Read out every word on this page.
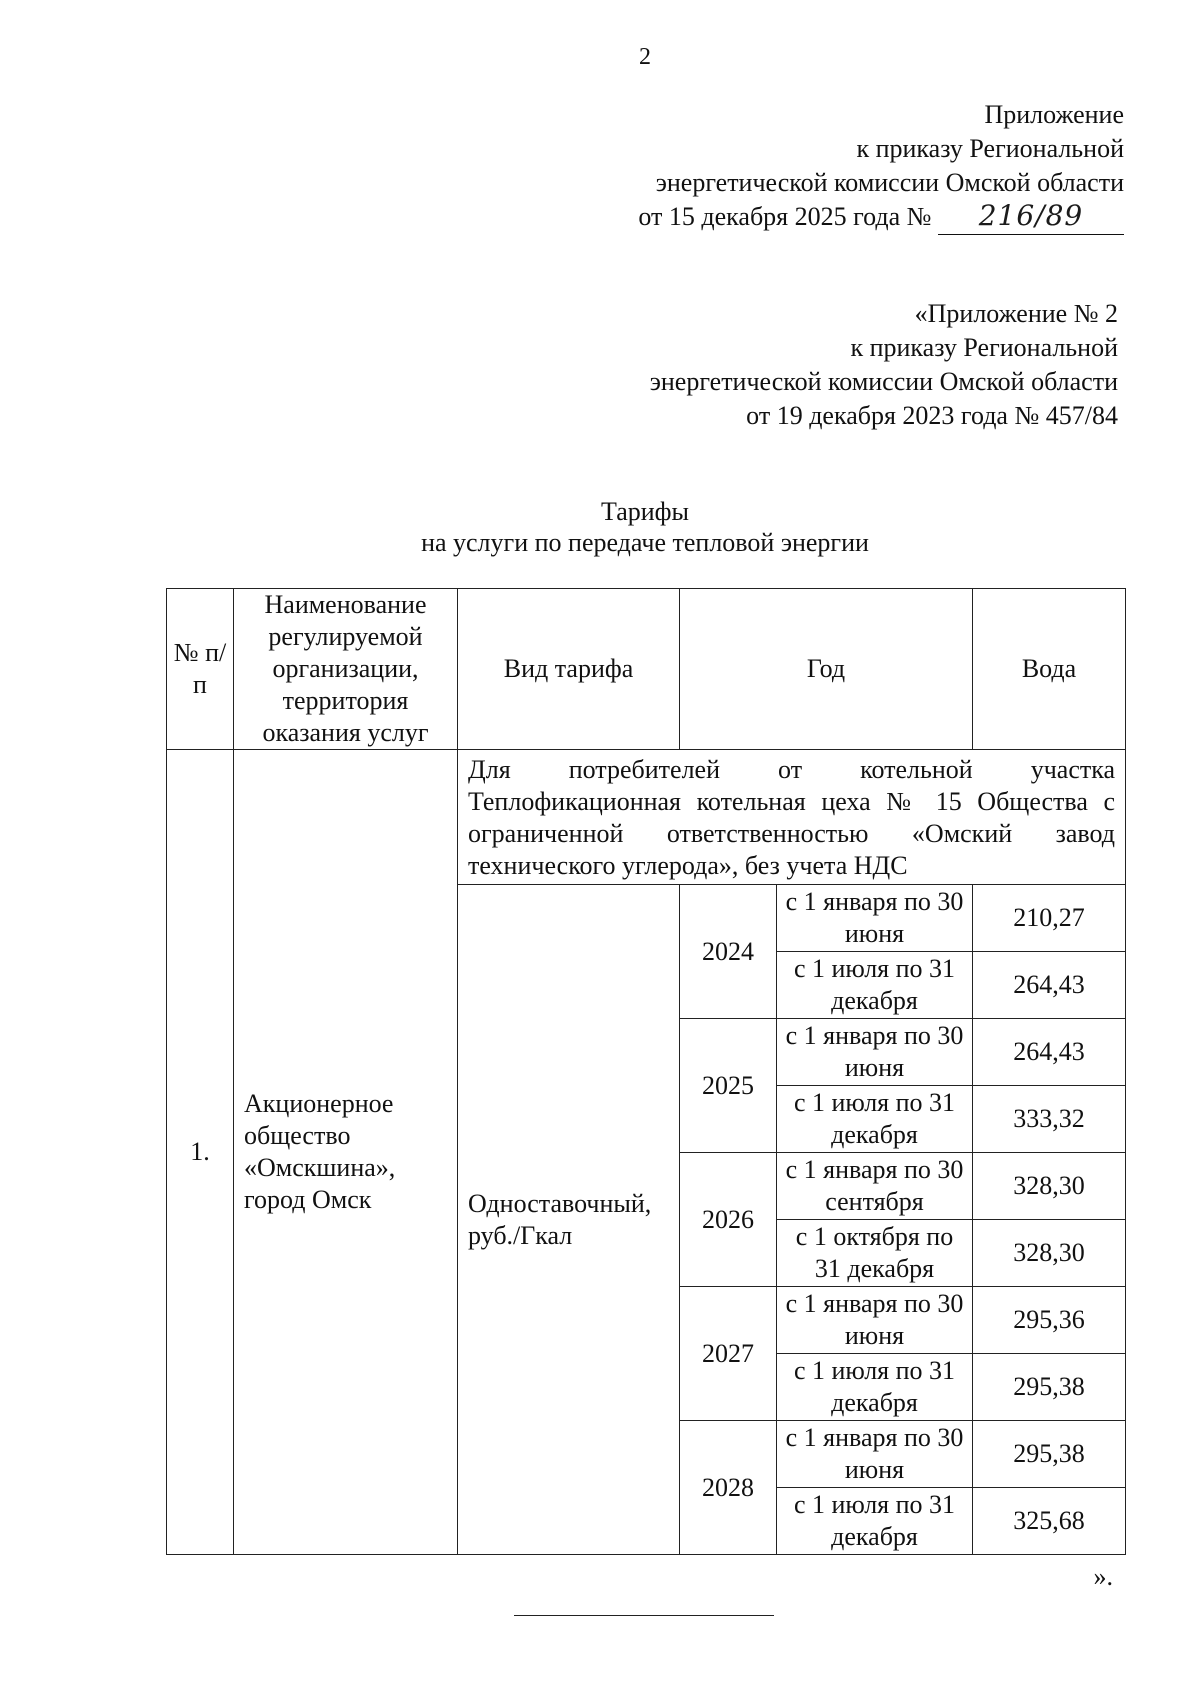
2
Приложение
к приказу Региональной
энергетической комиссии Омской области
от 15 декабря 2025 года № 216/89
«Приложение № 2
к приказу Региональной
энергетической комиссии Омской области
от 19 декабря 2023 года № 457/84
Тарифы
на услуги по передаче тепловой энергии
№ п/п	Наименование регулируемой организации, территория оказания услуг	Вид тарифа	Год		Вода
1.	Акционерное общество «Омскшина», город Омск	Для потребителей от котельной участка Теплофикационная котельная цеха № 15 Общества с ограниченной ответственностью «Омский завод технического углерода», без учета НДС			
		Одноставочный, руб./Гкал	2024	с 1 января по 30 июня	210,27
				с 1 июля по 31 декабря	264,43
			2025	с 1 января по 30 июня	264,43
				с 1 июля по 31 декабря	333,32
			2026	с 1 января по 30 сентября	328,30
				с 1 октября по 31 декабря	328,30
			2027	с 1 января по 30 июня	295,36
				с 1 июля по 31 декабря	295,38
			2028	с 1 января по 30 июня	295,38
				с 1 июля по 31 декабря	325,68
».
